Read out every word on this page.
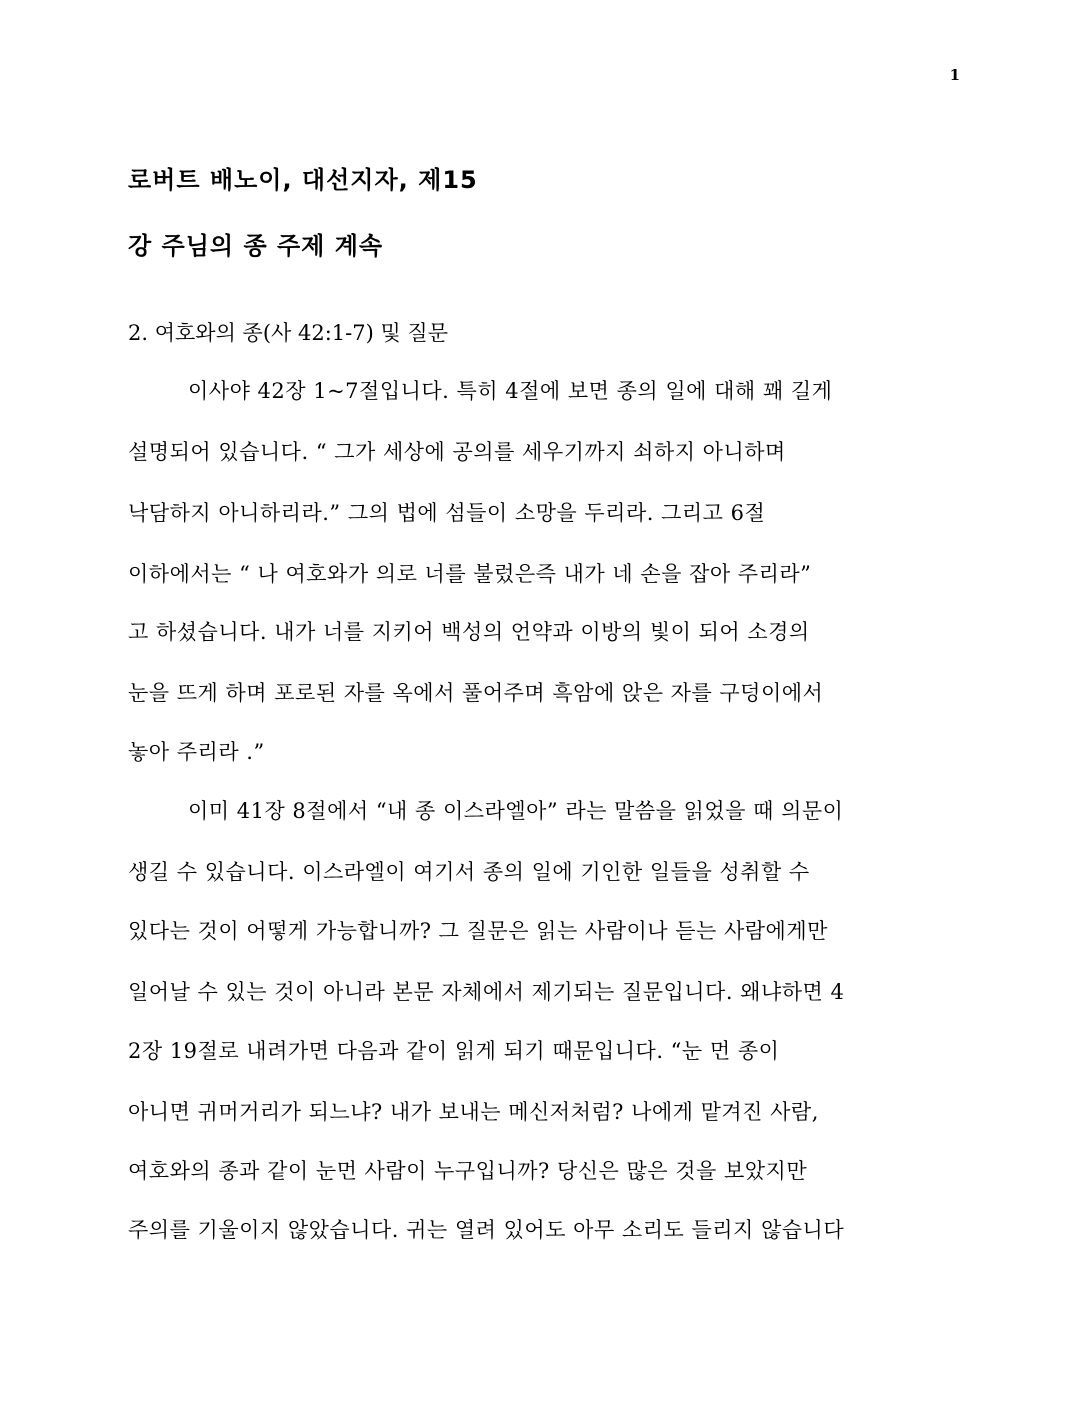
1
로버트 배노이, 대선지자, 제15
강 주님의 종 주제 계속
2. 여호와의 종(사 42:1-7) 및 질문
이사야 42장 1~7절입니다. 특히 4절에 보면 종의 일에 대해 꽤 길게
설명되어 있습니다. “ 그가 세상에 공의를 세우기까지 쇠하지 아니하며
낙담하지 아니하리라.” 그의 법에 섬들이 소망을 두리라. 그리고 6절
이하에서는 “ 나 여호와가 의로 너를 불렀은즉 내가 네 손을 잡아 주리라”
고 하셨습니다. 내가 너를 지키어 백성의 언약과 이방의 빛이 되어 소경의
눈을 뜨게 하며 포로된 자를 옥에서 풀어주며 흑암에 앉은 자를 구덩이에서
놓아 주리라 .”
이미 41장 8절에서 “내 종 이스라엘아” 라는 말씀을 읽었을 때 의문이
생길 수 있습니다. 이스라엘이 여기서 종의 일에 기인한 일들을 성취할 수
있다는 것이 어떻게 가능합니까? 그 질문은 읽는 사람이나 듣는 사람에게만
일어날 수 있는 것이 아니라 본문 자체에서 제기되는 질문입니다. 왜냐하면 4
2장 19절로 내려가면 다음과 같이 읽게 되기 때문입니다. “눈 먼 종이
아니면 귀머거리가 되느냐? 내가 보내는 메신저처럼? 나에게 맡겨진 사람,
여호와의 종과 같이 눈먼 사람이 누구입니까? 당신은 많은 것을 보았지만
주의를 기울이지 않았습니다. 귀는 열려 있어도 아무 소리도 들리지 않습니다
